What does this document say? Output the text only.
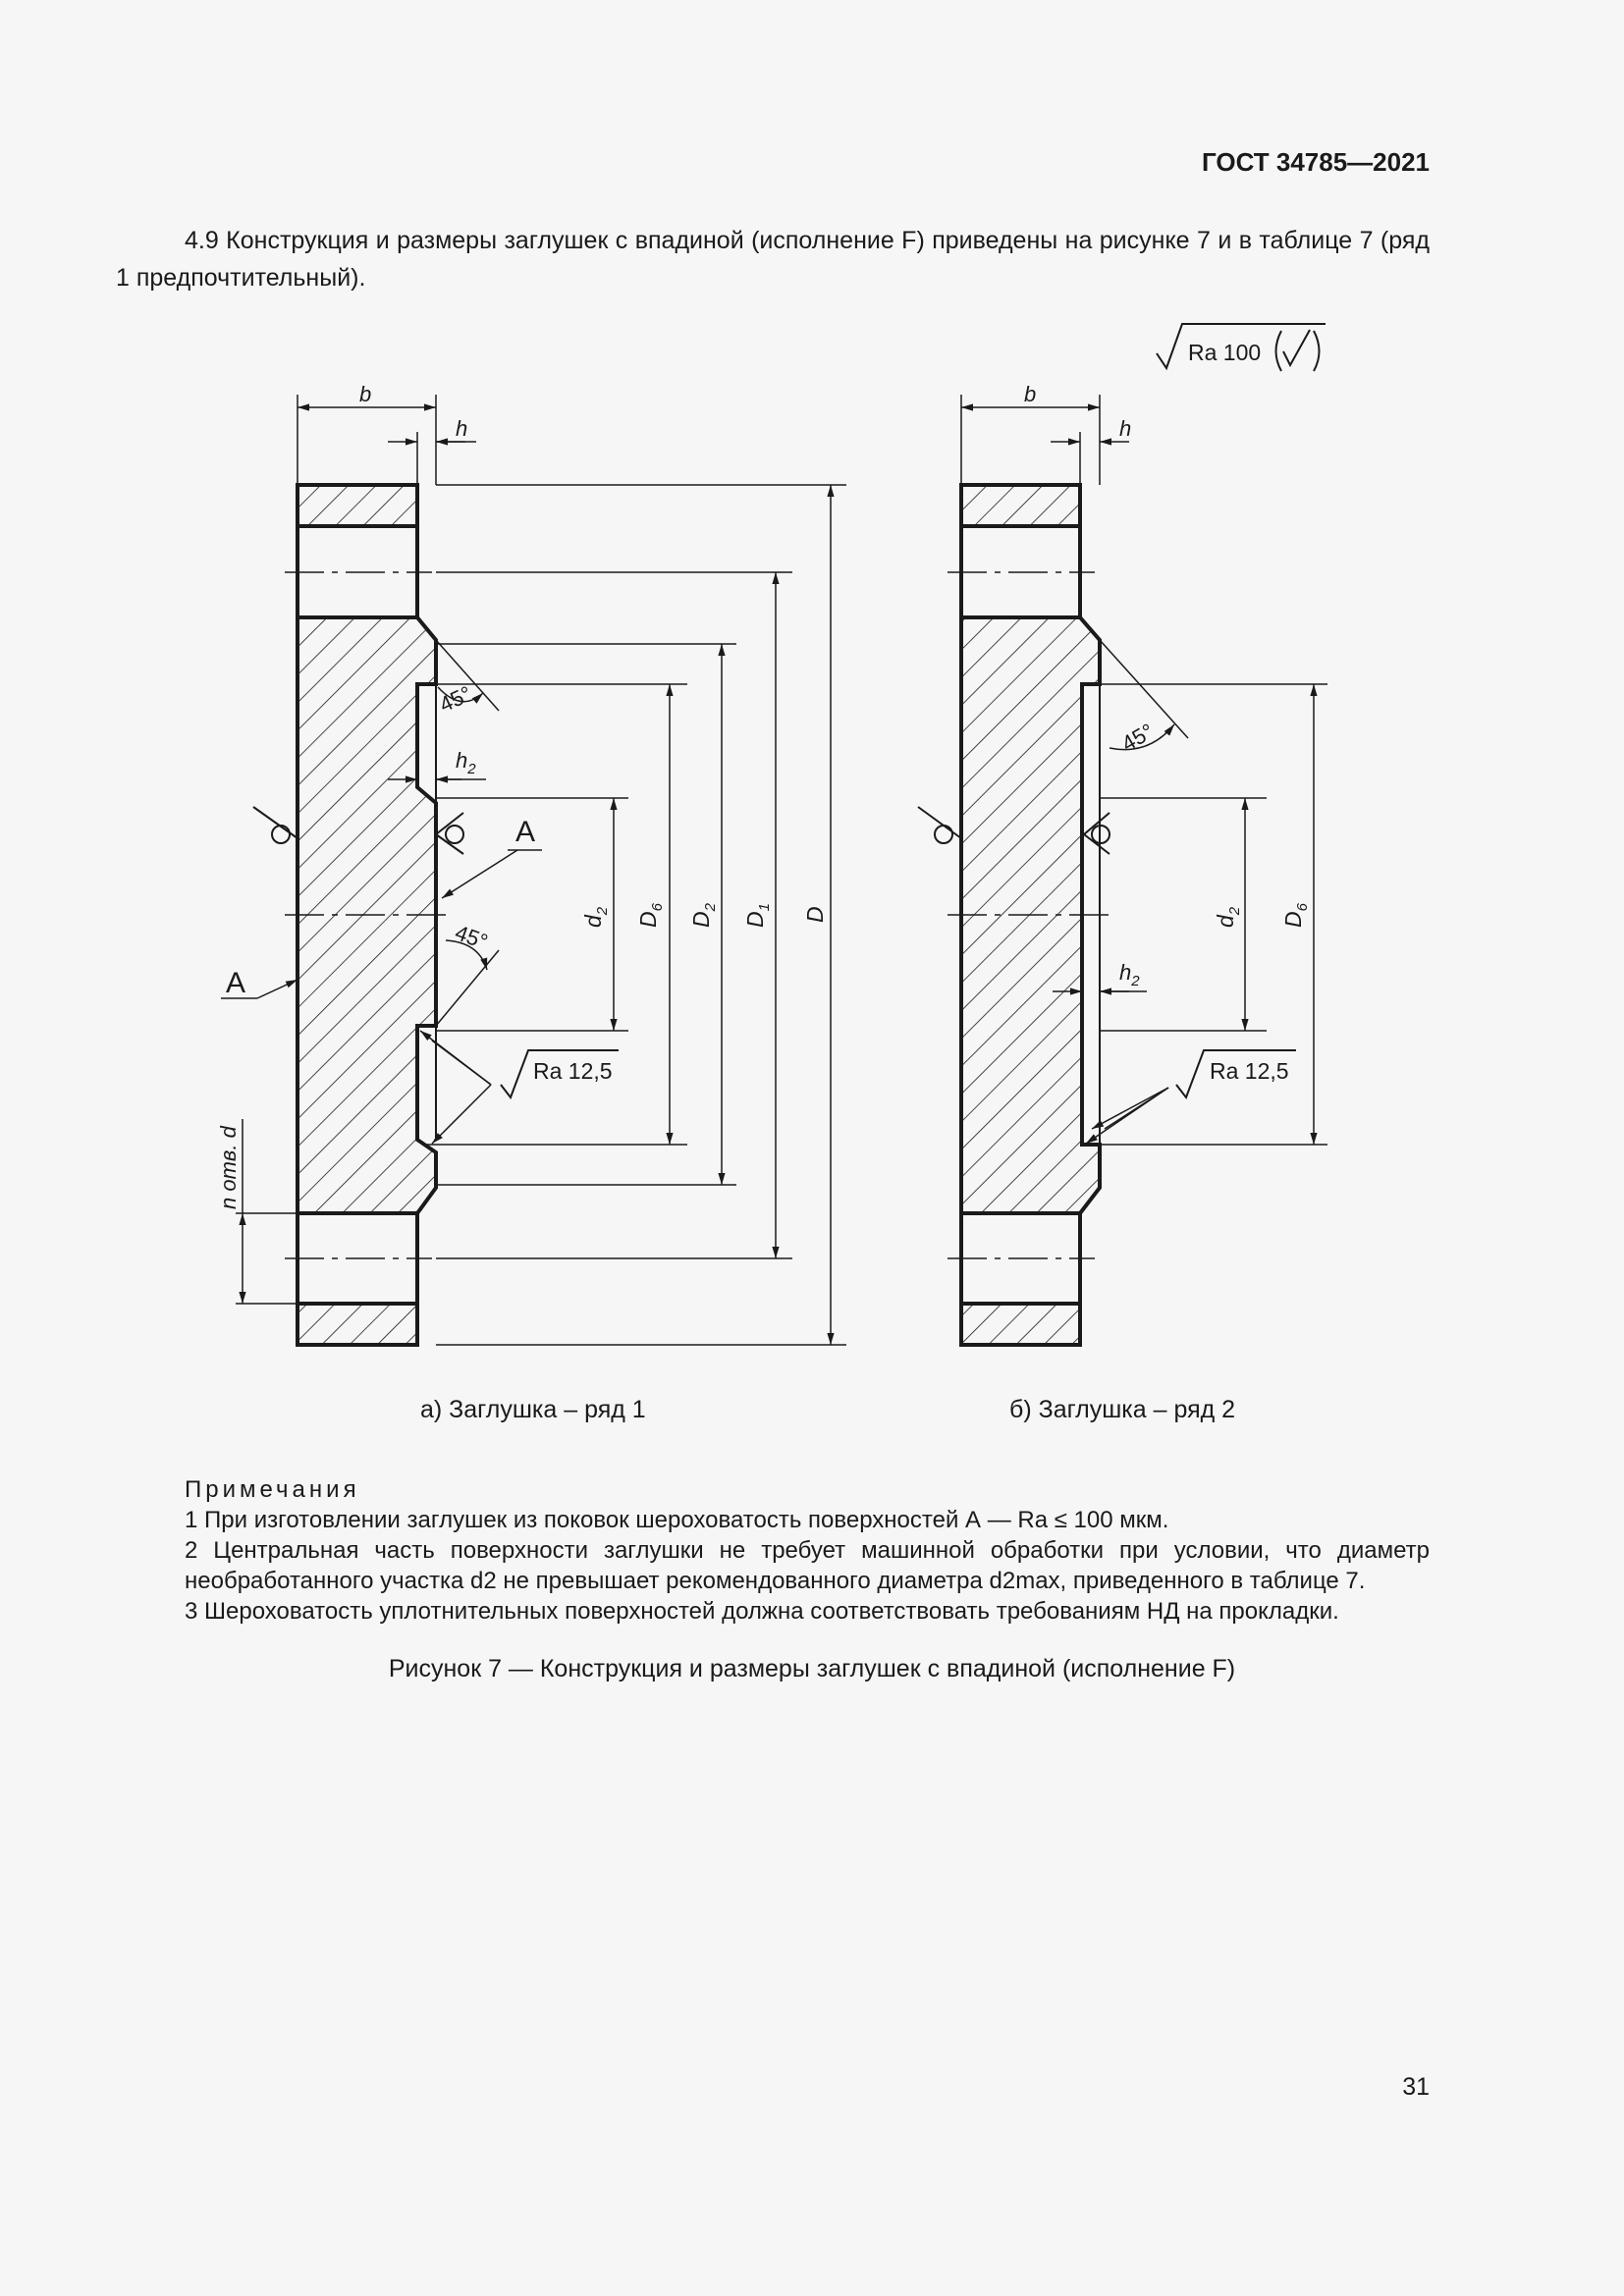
ГОСТ 34785—2021
4.9 Конструкция и размеры заглушек с впадиной (исполнение F) приведены на рисунке 7 и в таблице 7 (ряд 1 предпочтительный).
Ra 100
b
h
45°
$h_2$
А
А
45°	$d_2$
$D_6$
$D_2$
$D_1$ D
Ra 12,5
n отв. d
b
h
45°
$h_2$
$d_2$
$D_6$
Ra 12,5
а) Заглушка – ряд 1	б) Заглушка – ряд 2

Примечания

1 При изготовлении заглушек из поковок шероховатость поверхностей А — Ra ≤ 100 мкм.

2 Центральная часть поверхности заглушки не требует машинной обработки при условии, что диаметр необработанного участка d2 не превышает рекомендованного диаметра d2max, приведенного в таблице 7.

3 Шероховатость уплотнительных поверхностей должна соответствовать требованиям НД на прокладки.

Рисунок 7 — Конструкция и размеры заглушек с впадиной (исполнение F)
31
